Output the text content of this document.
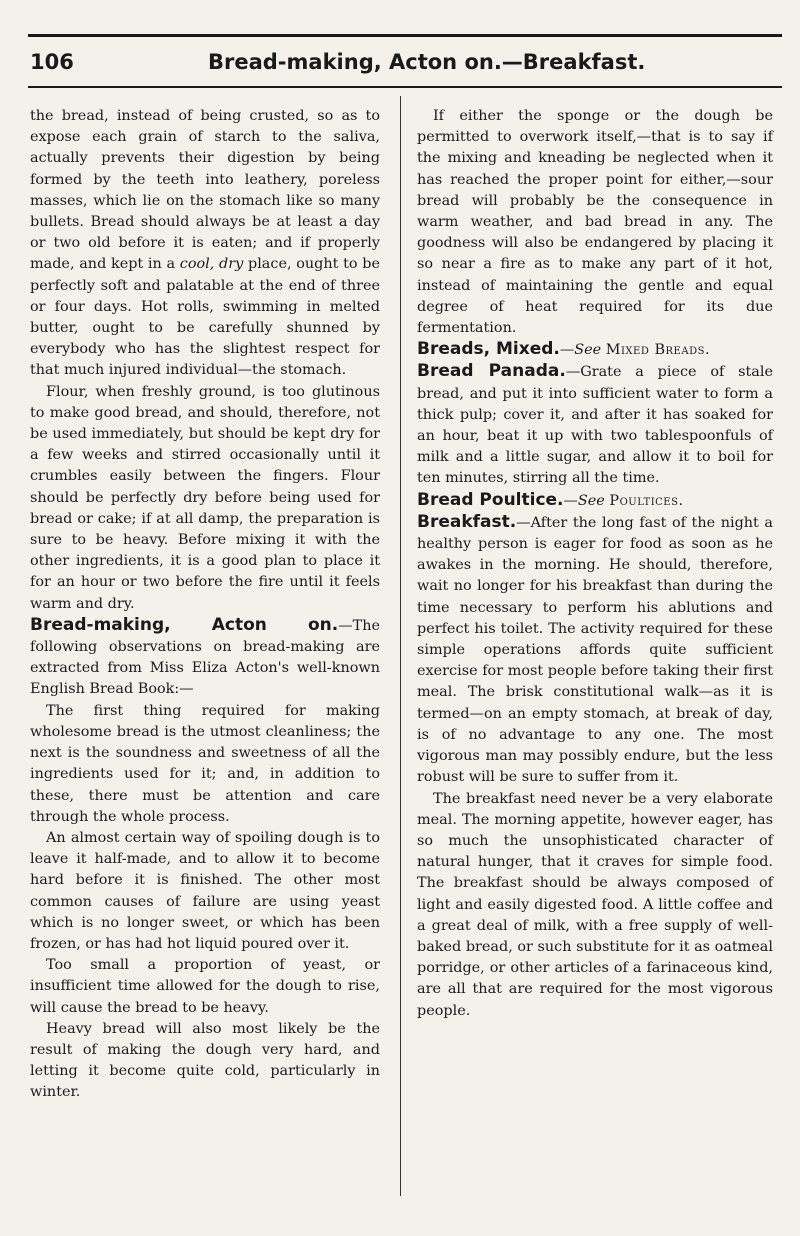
106	Bread-making, Acton on.—Breakfast.

the bread, instead of being crusted, so as to expose each grain of starch to the saliva, actually prevents their digestion by being formed by the teeth into leathery, poreless masses, which lie on the stomach like so many bullets. Bread should always be at least a day or two old before it is eaten; and if properly made, and kept in a cool, dry place, ought to be perfectly soft and palatable at the end of three or four days. Hot rolls, swimming in melted butter, ought to be carefully shunned by everybody who has the slightest respect for that much injured individual—the stomach.

Flour, when freshly ground, is too glutinous to make good bread, and should, therefore, not be used immediately, but should be kept dry for a few weeks and stirred occasionally until it crumbles easily between the fingers. Flour should be perfectly dry before being used for bread or cake; if at all damp, the preparation is sure to be heavy. Before mixing it with the other ingredients, it is a good plan to place it for an hour or two before the fire until it feels warm and dry.

Bread-making, Acton on.—The following observations on bread-making are extracted from Miss Eliza Acton's well-known English Bread Book:—

The first thing required for making wholesome bread is the utmost cleanliness; the next is the soundness and sweetness of all the ingredients used for it; and, in addition to these, there must be attention and care through the whole process.

An almost certain way of spoiling dough is to leave it half-made, and to allow it to become hard before it is finished. The other most common causes of failure are using yeast which is no longer sweet, or which has been frozen, or has had hot liquid poured over it.

Too small a proportion of yeast, or insufficient time allowed for the dough to rise, will cause the bread to be heavy.

Heavy bread will also most likely be the result of making the dough very hard, and letting it become quite cold, particularly in winter.

If either the sponge or the dough be permitted to overwork itself,—that is to say if the mixing and kneading be neglected when it has reached the proper point for either,—sour bread will probably be the consequence in warm weather, and bad bread in any. The goodness will also be endangered by placing it so near a fire as to make any part of it hot, instead of maintaining the gentle and equal degree of heat required for its due fermentation.

Breads, Mixed.—See Mixed Breads.

Bread Panada.—Grate a piece of stale bread, and put it into sufficient water to form a thick pulp; cover it, and after it has soaked for an hour, beat it up with two tablespoonfuls of milk and a little sugar, and allow it to boil for ten minutes, stirring all the time.

Bread Poultice.—See Poultices.

Breakfast.—After the long fast of the night a healthy person is eager for food as soon as he awakes in the morning. He should, therefore, wait no longer for his breakfast than during the time necessary to perform his ablutions and perfect his toilet. The activity required for these simple operations affords quite sufficient exercise for most people before taking their first meal. The brisk constitutional walk—as it is termed—on an empty stomach, at break of day, is of no advantage to any one. The most vigorous man may possibly endure, but the less robust will be sure to suffer from it.

The breakfast need never be a very elaborate meal. The morning appetite, however eager, has so much the unsophisticated character of natural hunger, that it craves for simple food. The breakfast should be always composed of light and easily digested food. A little coffee and a great deal of milk, with a free supply of well-baked bread, or such substitute for it as oatmeal porridge, or other articles of a farinaceous kind, are all that are required for the most vigorous people.
